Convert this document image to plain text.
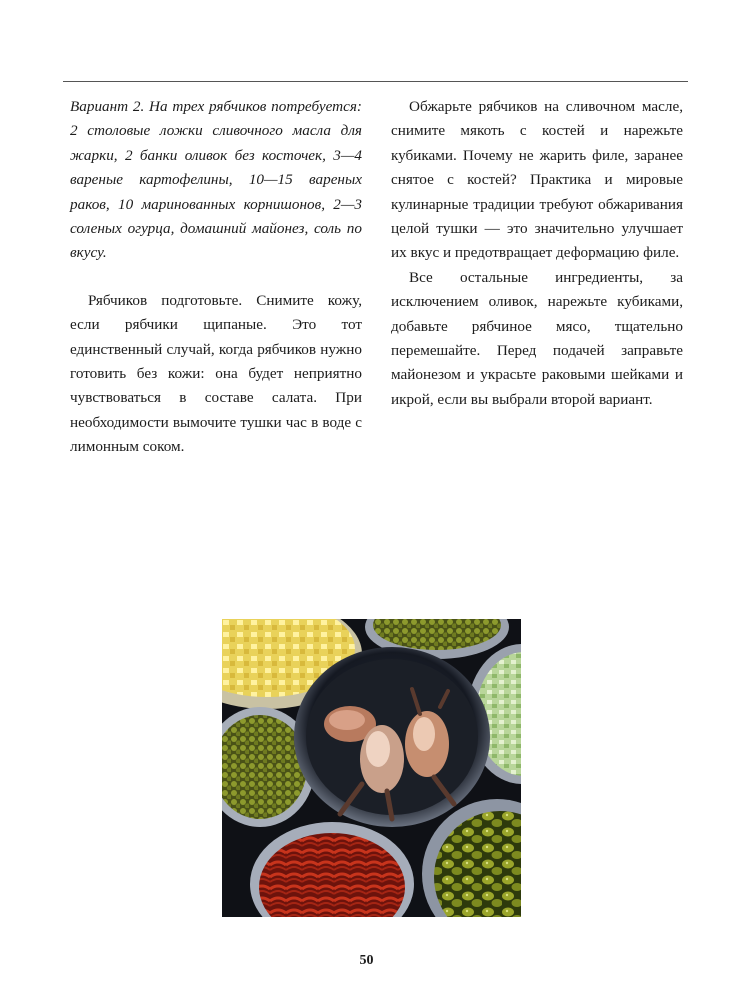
Вариант 2. На трех рябчиков потребуется: 2 столовые ложки сливочного масла для жарки, 2 банки оливок без косточек, 3—4 вареные картофелины, 10—15 вареных раков, 10 маринованных корнишонов, 2—3 соленых огурца, домашний майонез, соль по вкусу.

Рябчиков подготовьте. Снимите кожу, если рябчики щипаные. Это тот единственный случай, когда рябчиков нужно готовить без кожи: она будет неприятно чувствоваться в составе салата. При необходимости вымочите тушки час в воде с лимонным соком.

Обжарьте рябчиков на сливочном масле, снимите мякоть с костей и нарежьте кубиками. Почему не жарить филе, заранее снятое с костей? Практика и мировые кулинарные традиции требуют обжаривания целой тушки — это значительно улучшает их вкус и предотвращает деформацию филе.

Все остальные ингредиенты, за исключением оливок, нарежьте кубиками, добавьте рябчиное мясо, тщательно перемешайте. Перед подачей заправьте майонезом и украсьте раковыми шейками и икрой, если вы выбрали второй вариант.

50
